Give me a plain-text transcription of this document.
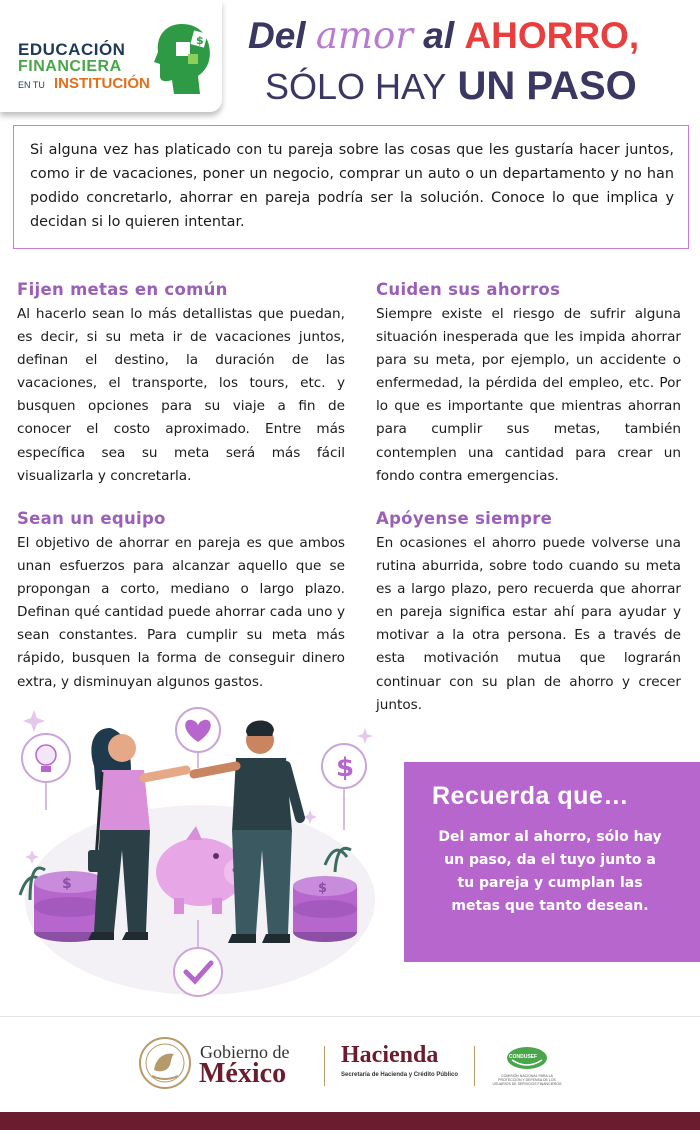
EDUCACIÓN
FINANCIERA
EN TU INSTITUCIÓN
$ Del amor al AHORRO,
SÓLO HAY UN PASO
Si alguna vez has platicado con tu pareja sobre las cosas que les gustaría hacer juntos, como ir de vacaciones, poner un negocio, comprar un auto o un departamento y no han podido concretarlo, ahorrar en pareja podría ser la solución. Conoce lo que implica y decidan si lo quieren intentar.
Fijen metas en común

Al hacerlo sean lo más detallistas que puedan, es decir, si su meta ir de vacaciones juntos, definan el destino, la duración de las vacaciones, el transporte, los tours, etc. y busquen opciones para su viaje a fin de conocer el costo aproximado. Entre más específica sea su meta será más fácil visualizarla y concretarla.

Cuiden sus ahorros

Siempre existe el riesgo de sufrir alguna situación inesperada que les impida ahorrar para su meta, por ejemplo, un accidente o enfermedad, la pérdida del empleo, etc. Por lo que es importante que mientras ahorran para cumplir sus metas, también contemplen una cantidad para crear un fondo contra emergencias.

Sean un equipo

El objetivo de ahorrar en pareja es que ambos unan esfuerzos para alcanzar aquello que se propongan a corto, mediano o largo plazo. Definan qué cantidad puede ahorrar cada uno y sean constantes. Para cumplir su meta más rápido, busquen la forma de conseguir dinero extra, y disminuyan algunos gastos.

Apóyense siempre

En ocasiones el ahorro puede volverse una rutina aburrida, sobre todo cuando su meta es a largo plazo, pero recuerda que ahorrar en pareja significa estar ahí para ayudar y motivar a la otra persona. Es a través de esta motivación mutua que lograrán continuar con su plan de ahorro y crecer juntos.

$
$	$
Recuerda que…
Del amor al ahorro, sólo hay un paso, da el tuyo junto a tu pareja y cumplan las metas que tanto desean.
Gobierno de
México
Hacienda
Secretaría de Hacienda y Crédito Público
CONDUSEF
COMISIÓN NACIONAL PARA LA PROTECCIÓN Y DEFENSA DE LOS USUARIOS DE SERVICIOS FINANCIEROS
